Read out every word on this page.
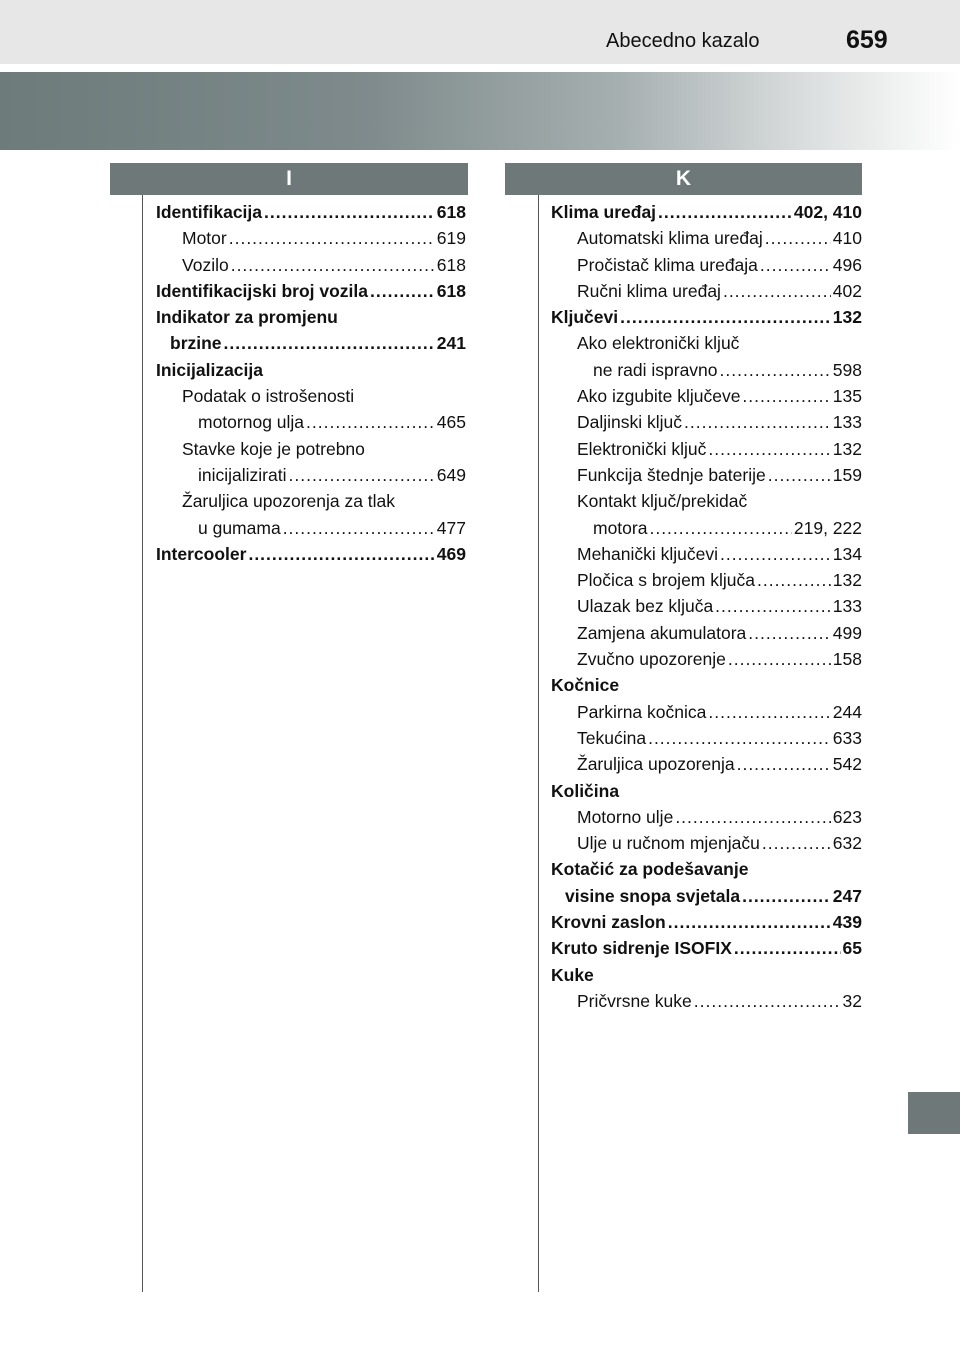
Abecedno kazalo	659
I	K
Identifikacija .....	618
Motor .....	619
Vozilo .....	618
Identifikacijski broj vozila .....	618
Indikator za promjenu
brzine .....	241
Inicijalizacija
Podatak o istrošenosti
motornog ulja .....	465
Stavke koje je potrebno
inicijalizirati .....	649
Žaruljica upozorenja za tlak
u gumama .....	477
Intercooler .....	469
Klima uređaj .....	402, 410
Automatski klima uređaj .....	410
Pročistač klima uređaja .....	496
Ručni klima uređaj .....	402
Ključevi .....	132
Ako elektronički ključ
ne radi ispravno .....	598
Ako izgubite ključeve .....	135
Daljinski ključ .....	133
Elektronički ključ .....	132
Funkcija štednje baterije .....	159
Kontakt ključ/prekidač
motora .....	219, 222
Mehanički ključevi .....	134
Pločica s brojem ključa .....	132
Ulazak bez ključa .....	133
Zamjena akumulatora .....	499
Zvučno upozorenje .....	158
Kočnice
Parkirna kočnica .....	244
Tekućina .....	633
Žaruljica upozorenja .....	542
Količina
Motorno ulje .....	623
Ulje u ručnom mjenjaču .....	632
Kotačić za podešavanje
visine snopa svjetala .....	247
Krovni zaslon .....	439
Kruto sidrenje ISOFIX .....	65
Kuke
Pričvrsne kuke .....	32
